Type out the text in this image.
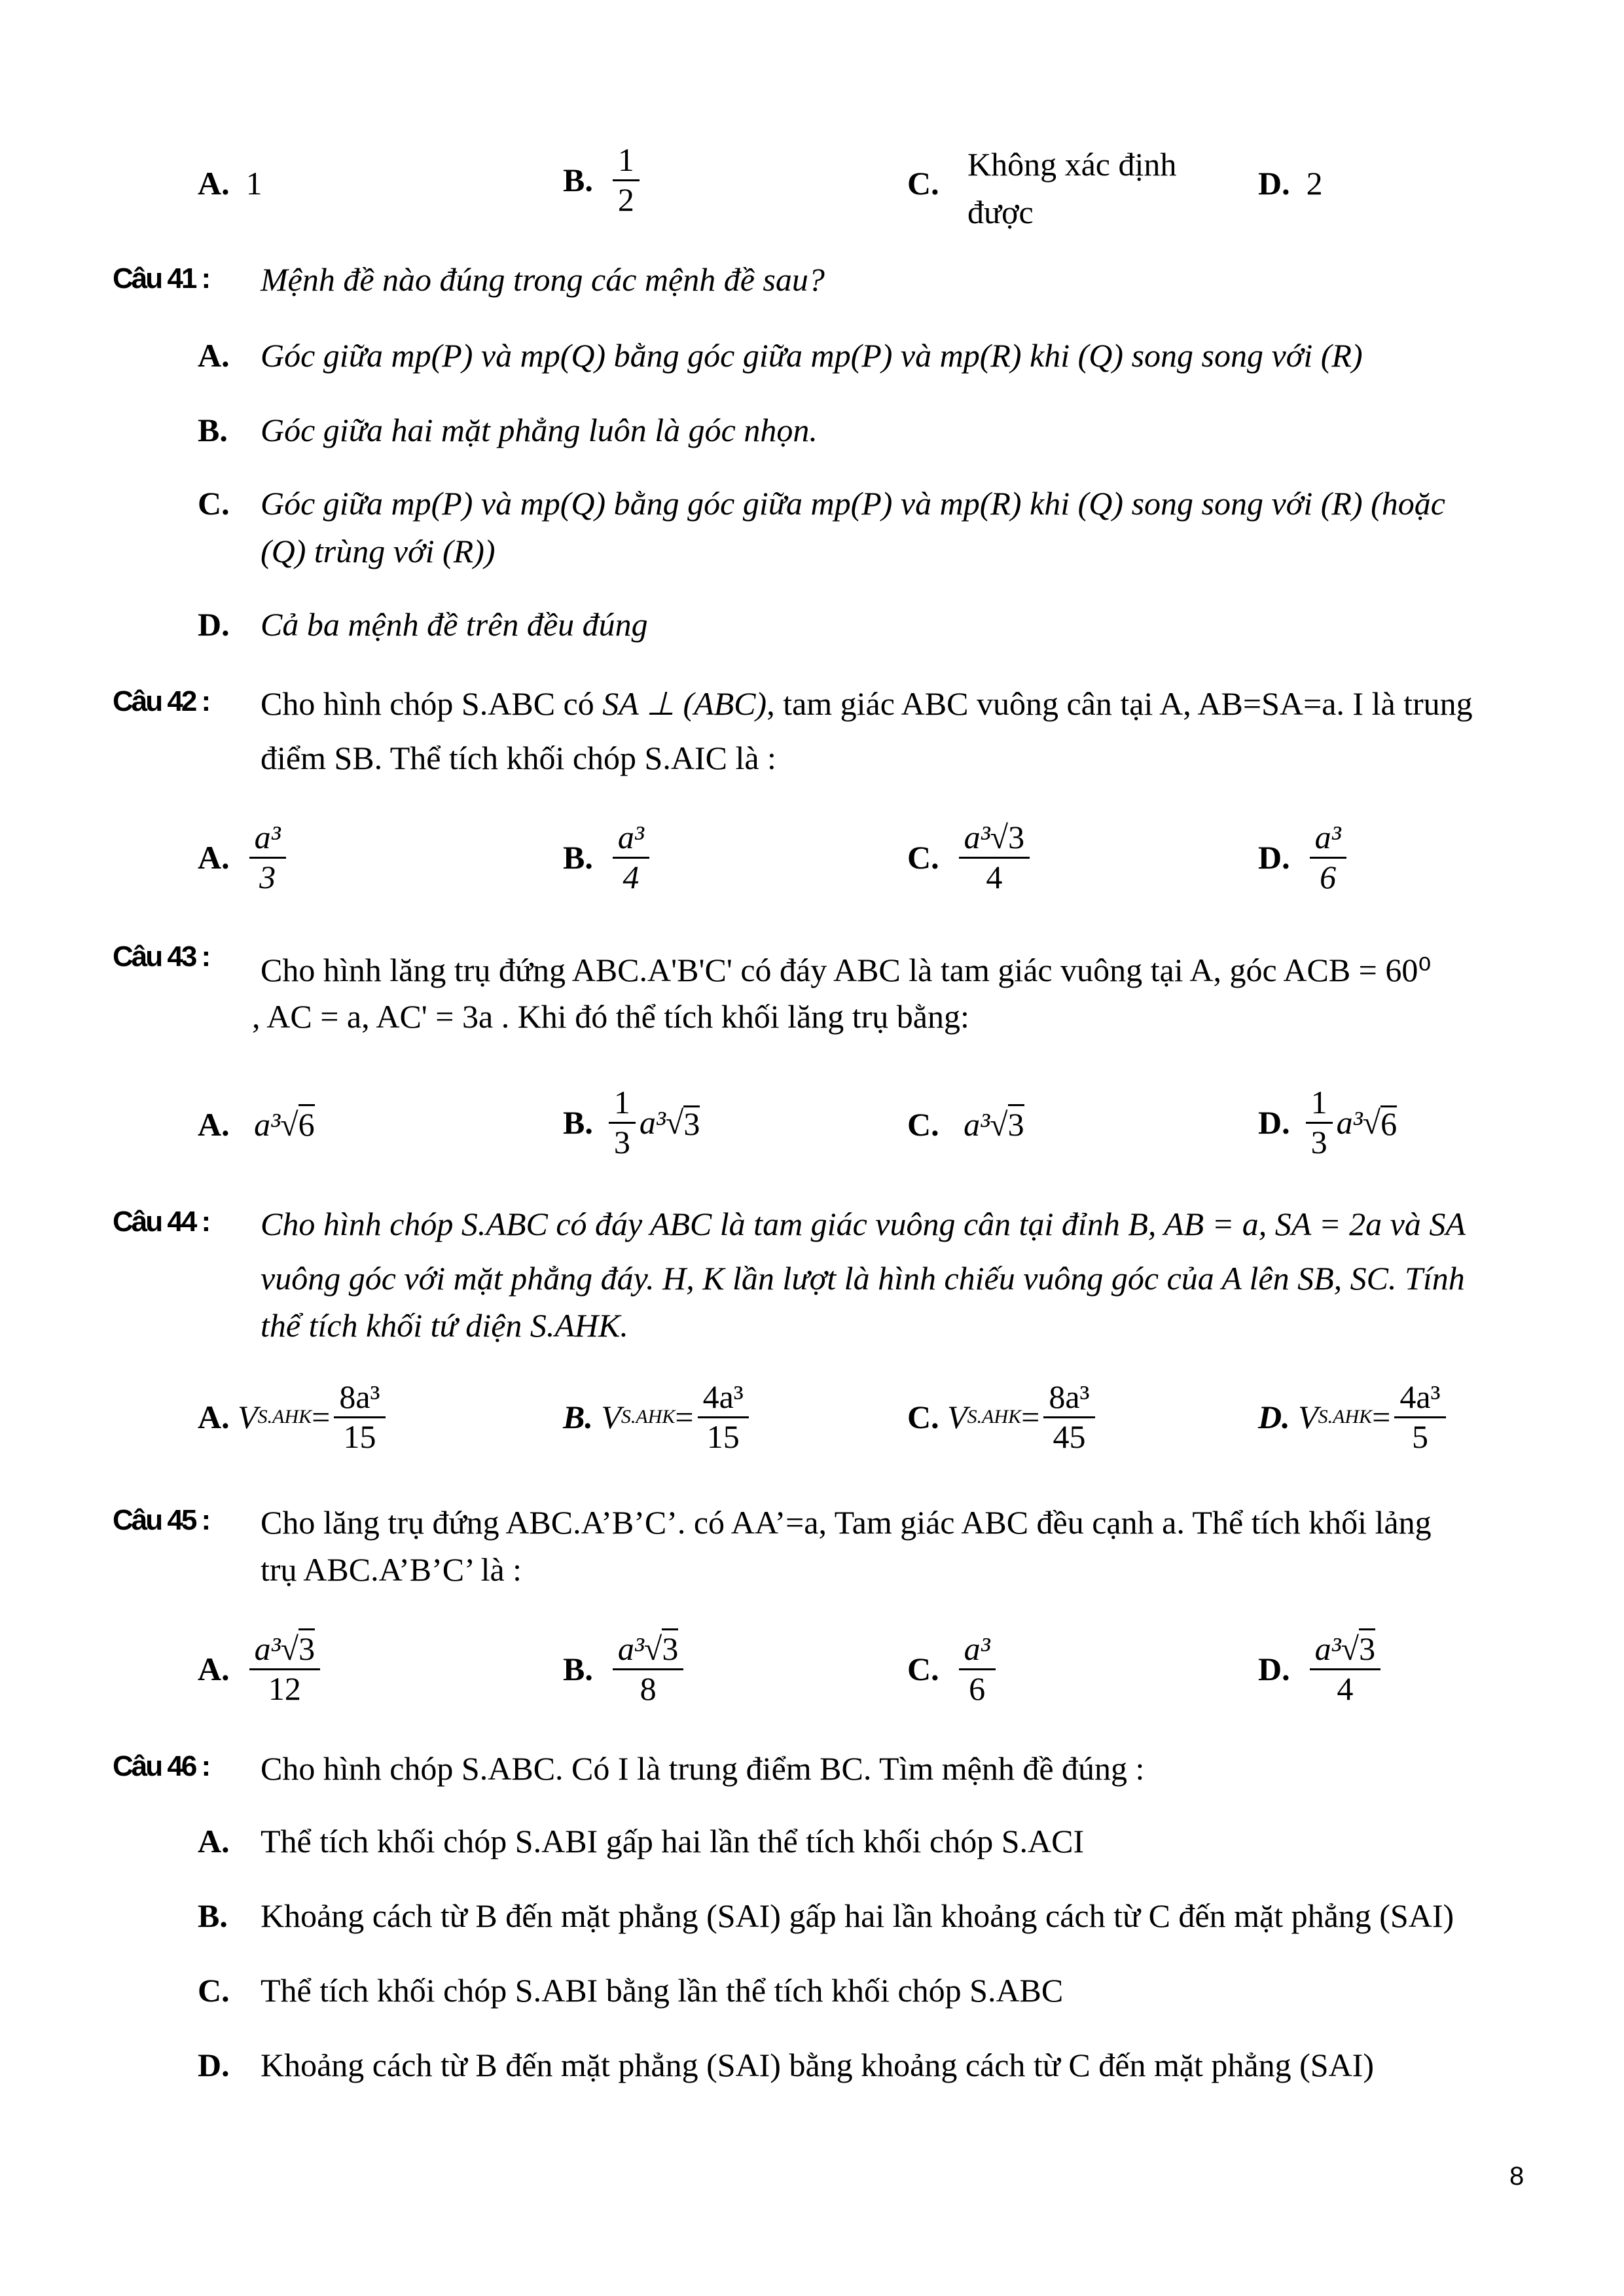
A. 1	B. $\frac{1}{2}$	C.
Không xác định
được
D. 2
Câu 41 : Mệnh đề nào đúng trong các mệnh đề sau?
A. Góc giữa mp(P) và mp(Q) bằng góc giữa mp(P) và mp(R) khi (Q) song song với (R)
B. Góc giữa hai mặt phẳng luôn là góc nhọn.
C. Góc giữa mp(P) và mp(Q) bằng góc giữa mp(P) và mp(R) khi (Q) song song với (R) (hoặc
(Q) trùng với (R))
D. Cả ba mệnh đề trên đều đúng
Câu 42 : Cho hình chóp S.ABC có SA ⊥ (ABC), tam giác ABC vuông cân tại A, AB=SA=a. I là trung
điểm SB. Thể tích khối chóp S.AIC là :
A. $\frac{\text{a³}}{3}$	B. $\frac{\text{a³}}{4}$	C. $\frac{\text{a³√3}}{4}$	D. $\frac{\text{a³}}{6}$
Câu 43 : Cho hình lăng trụ đứng ABC.A'B'C' có đáy ABC là tam giác vuông tại A, góc ACB = 60⁰
, AC = a, AC' = 3a . Khi đó thể tích khối lăng trụ bằng:
A. a³√6	B. $\frac{1}{3} a^3$ √ 3	C. a³√3	D. $\frac{1}{3} a^3$ √ 6
Câu 44 : Cho hình chóp S.ABC có đáy ABC là tam giác vuông cân tại đỉnh B, AB = a, SA = 2a và SA
vuông góc với mặt phẳng đáy. H, K lần lượt là hình chiếu vuông góc của A lên SB, SC. Tính
thể tích khối tứ diện S.AHK.
A.
V $S.AHK = \frac{\text{8a³}}{15}$	B.
V $S.AHK = \frac{\text{4a³}}{15}$	C.
V $S.AHK = \frac{\text{8a³}}{45}$	D.
V $S.AHK = \frac{\text{4a³}}{5}$
Câu 45 : Cho lăng trụ đứng ABC.A’B’C’. có AA’=a, Tam giác ABC đều cạnh a. Thể tích khối lảng
trụ ABC.A’B’C’ là :
A. $\frac{\text{a³√3}}{12}$	B. $\frac{\text{a³√3}}{8}$	C. $\frac{\text{a³}}{6}$	D. $\frac{\text{a³√3}}{4}$
Câu 46 : Cho hình chóp S.ABC. Có I là trung điểm BC. Tìm mệnh đề đúng :
A. Thể tích khối chóp S.ABI gấp hai lần thể tích khối chóp S.ACI
B. Khoảng cách từ B đến mặt phẳng (SAI) gấp hai lần khoảng cách từ C đến mặt phẳng (SAI)
C. Thể tích khối chóp S.ABI bằng lần thể tích khối chóp S.ABC
D. Khoảng cách từ B đến mặt phẳng (SAI) bằng khoảng cách từ C đến mặt phẳng (SAI)
8
